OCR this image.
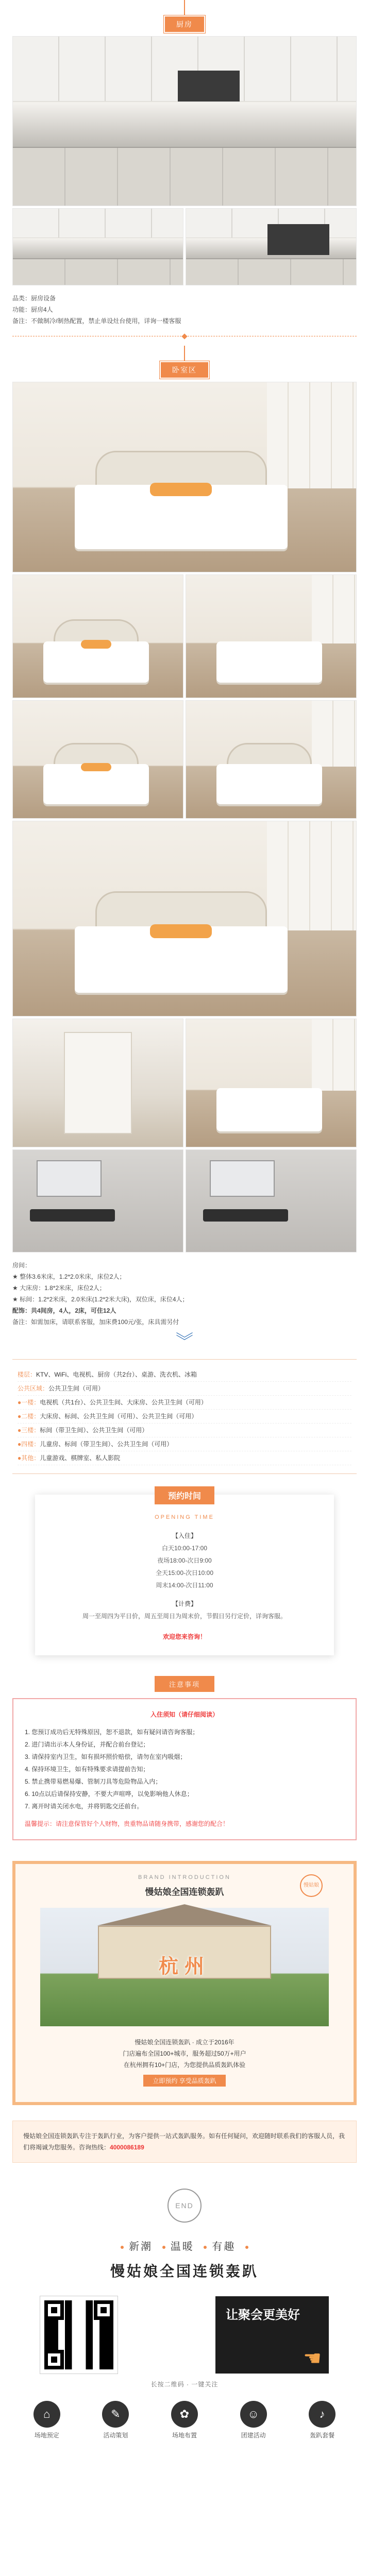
厨房

品类：厨房设备

功能：厨房4人

备注：不做制冷/制热配置，禁止单设灶台使用，详询一楼客服

卧室区

房间：

★ 整体3.6米床，1.2*2.0米床，床位2人；

★ 大床房：1.8*2米床，床位2人；

★ 标间：1.2*2米床，2.0米床(1.2*2米大床)，双位床，床位4人；

配饰：共4间房，4人，2床，可住12人

备注：如需加床，请联系客服，加床费100元/张，床具需另付

︾
楼层：KTV、WiFi、电视机、厨房（共2台）、桌游、洗衣机、冰箱
公共区域：公共卫生间（可用）
●一楼：电视机（共1台）、公共卫生间、大床房、公共卫生间（可用）
●二楼：大床房、标间、公共卫生间（可用）、公共卫生间（可用）
●三楼：标间（带卫生间）、公共卫生间（可用）
●四楼：儿童房、标间（带卫生间）、公共卫生间（可用）
●其他：儿童游戏、棋牌室、私人影院
预约时间

OPENING TIME

【入住】

白天10:00-17:00

夜场18:00-次日9:00

全天15:00-次日10:00

周末14:00-次日11:00

【计费】

周一至周四为平日价，周五至周日为周末价，节假日另行定价，详询客服。

欢迎您来咨询！

注意事项

入住须知（请仔细阅读）

1. 您预订成功后无特殊原因，恕不退款，如有疑问请咨询客服；

2. 进门请出示本人身份证，并配合前台登记；

3. 请保持室内卫生，如有损坏照价赔偿，请勿在室内吸烟；

4. 保持环境卫生，如有特殊要求请提前告知；

5. 禁止携带易燃易爆、管制刀具等危险物品入内；

6. 10点以后请保持安静，不要大声喧哗，以免影响他人休息；

7. 离开时请关闭水电，并将钥匙交还前台。

温馨提示：请注意保管好个人财物，贵重物品请随身携带，感谢您的配合！

BRAND INTRODUCTION

慢姑娘全国连锁轰趴

慢姑娘
杭州

慢姑娘全国连锁轰趴 · 成立于2016年

门店遍布全国100+城市，服务超过50万+用户

在杭州拥有10+门店，为您提供品质轰趴体验

立即预约 享受品质轰趴
慢姑娘全国连锁轰趴专注于轰趴行业，为客户提供一站式轰趴服务。如有任何疑问，欢迎随时联系我们的客服人员，我们将竭诚为您服务。咨询热线：4000086189
END
新潮 温暖 有趣
慢姑娘全国连锁轰趴
让聚会更美好
☚

长按二维码 · 一键关注

⌂

场地预定

✎

活动策划

✿

场地布置

☺

团建活动

♪

轰趴套餐
